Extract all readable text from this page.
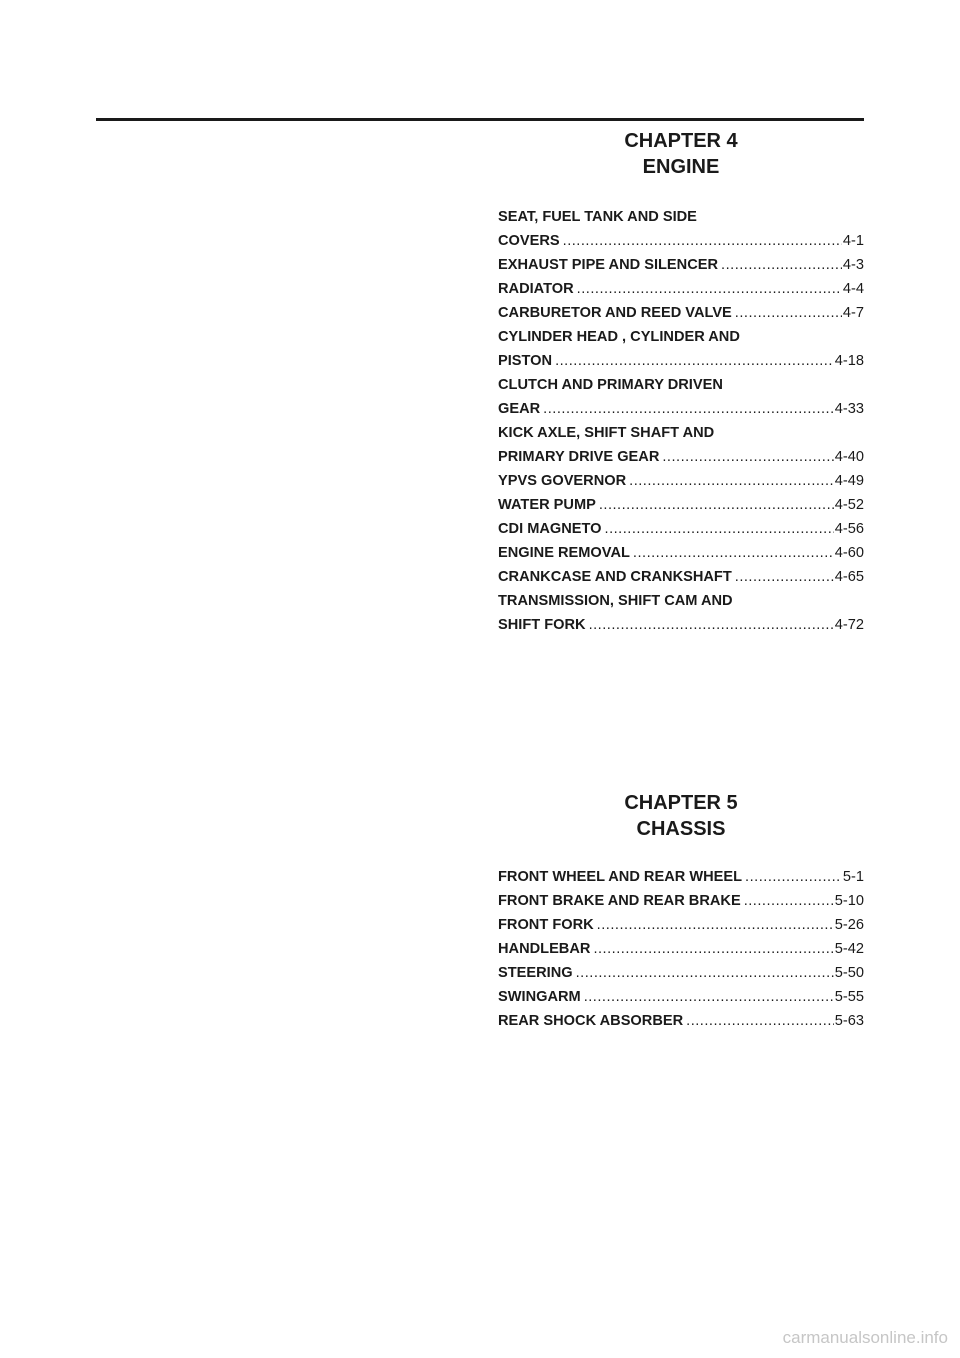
CHAPTER 4
ENGINE
SEAT, FUEL TANK AND SIDE
COVERS .....	4-1
EXHAUST PIPE AND SILENCER .....	4-3
RADIATOR .....	4-4
CARBURETOR AND REED VALVE .....	4-7
CYLINDER HEAD , CYLINDER AND
PISTON .....	4-18
CLUTCH AND PRIMARY DRIVEN
GEAR .....	4-33
KICK AXLE, SHIFT SHAFT AND
PRIMARY DRIVE GEAR .....	4-40
YPVS GOVERNOR .....	4-49
WATER PUMP .....	4-52
CDI MAGNETO .....	4-56
ENGINE REMOVAL .....	4-60
CRANKCASE AND CRANKSHAFT .....	4-65
TRANSMISSION, SHIFT CAM AND
SHIFT FORK .....	4-72
CHAPTER 5
CHASSIS
FRONT WHEEL AND REAR WHEEL .....	5-1
FRONT BRAKE AND REAR BRAKE .....	5-10
FRONT FORK .....	5-26
HANDLEBAR .....	5-42
STEERING .....	5-50
SWINGARM .....	5-55
REAR SHOCK ABSORBER .....	5-63
carmanualsonline.info
